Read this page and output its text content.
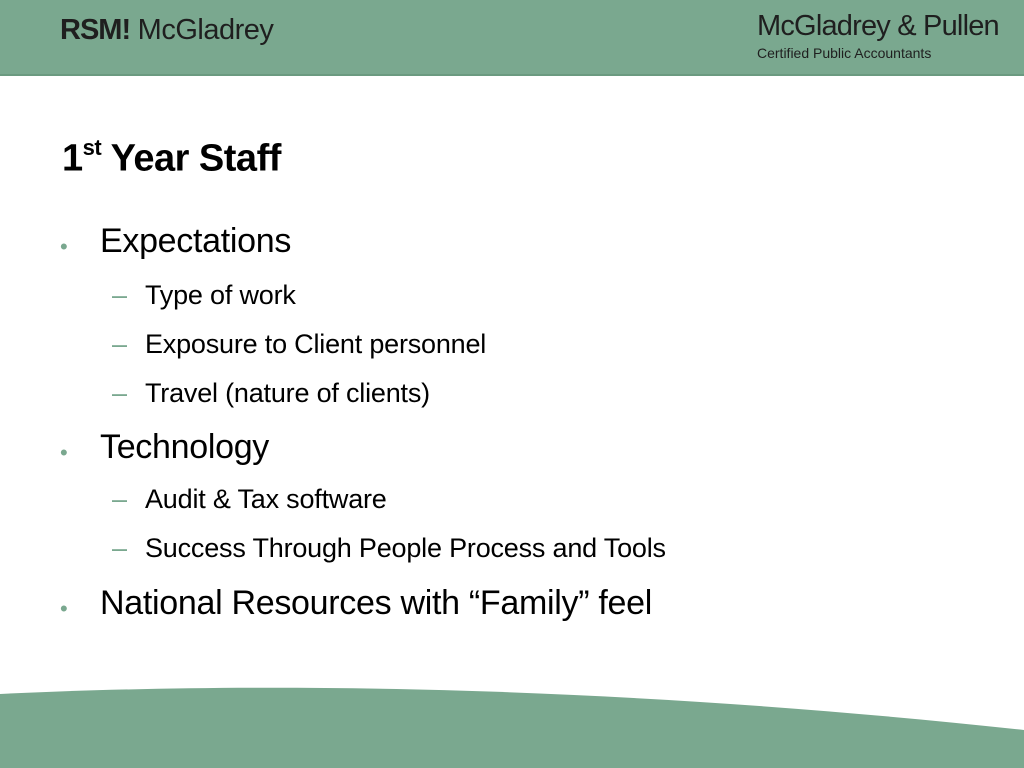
RSM! McGladrey	McGladrey & Pullen
Certified Public Accountants
1st Year Staff
• Expectations
– Type of work
– Exposure to Client personnel
– Travel (nature of clients)
• Technology
– Audit & Tax software
– Success Through People Process and Tools
• National Resources with “Family” feel
